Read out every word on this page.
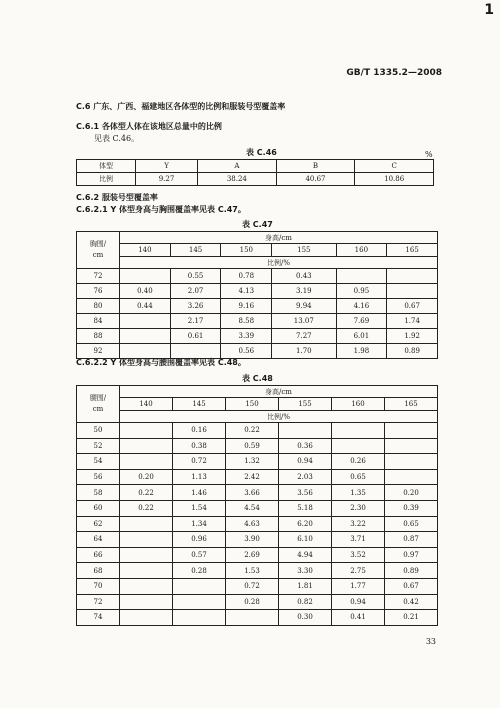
1
GB/T 1335.2—2008
C.6 广东、广西、福建地区各体型的比例和服装号型覆盖率
C.6.1 各体型人体在该地区总量中的比例
见表 C.46。
表 C.46	%
体型	Y	A	B	C
比例	9.27	38.24	40.67	10.86
C.6.2 服装号型覆盖率
C.6.2.1 Y 体型身高与胸围覆盖率见表 C.47。
表 C.47
胸围/
cm	身高/cm					
	140	145	150	155	160	165
	比例/%					
72		0.55	0.78	0.43		
76	0.40	2.07	4.13	3.19	0.95	
80	0.44	3.26	9.16	9.94	4.16	0.67
84		2.17	8.58	13.07	7.69	1.74
88		0.61	3.39	7.27	6.01	1.92
92			0.56	1.70	1.98	0.89
C.6.2.2 Y 体型身高与腰围覆盖率见表 C.48。
表 C.48
腰围/
cm	身高/cm					
	140	145	150	155	160	165
	比例/%					
50		0.16	0.22			
52		0.38	0.59	0.36		
54		0.72	1.32	0.94	0.26	
56	0.20	1.13	2.42	2.03	0.65	
58	0.22	1.46	3.66	3.56	1.35	0.20
60	0.22	1.54	4.54	5.18	2.30	0.39
62		1.34	4.63	6.20	3.22	0.65
64		0.96	3.90	6.10	3.71	0.87
66		0.57	2.69	4.94	3.52	0.97
68		0.28	1.53	3.30	2.75	0.89
70			0.72	1.81	1.77	0.67
72			0.28	0.82	0.94	0.42
74				0.30	0.41	0.21
33
